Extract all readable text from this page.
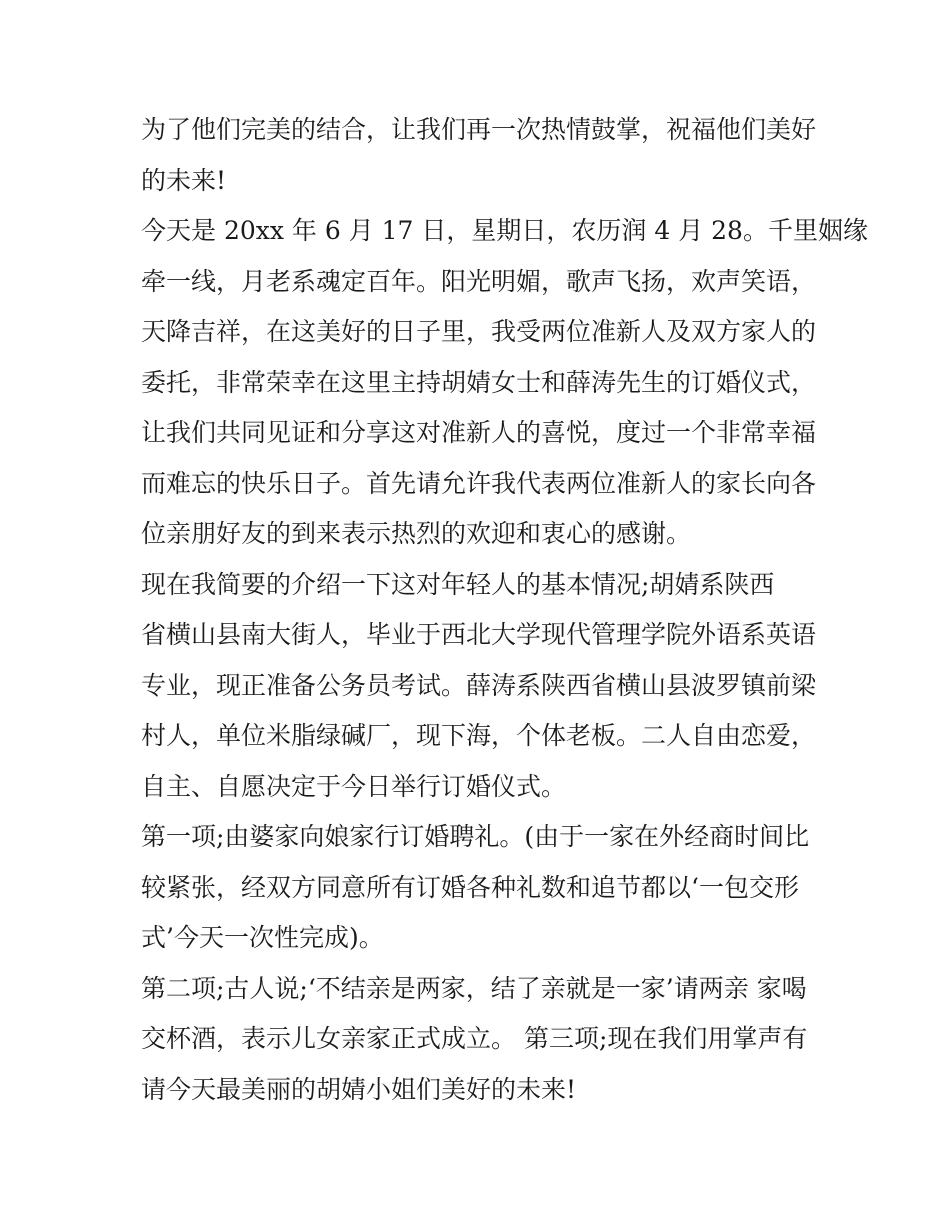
为了他们完美的结合，让我们再一次热情鼓掌，祝福他们美好
的未来!
今天是 20xx 年 6 月 17 日，星期日，农历润 4 月 28。千里姻缘
牵一线，月老系魂定百年。阳光明媚，歌声飞扬，欢声笑语，
天降吉祥，在这美好的日子里，我受两位准新人及双方家人的
委托，非常荣幸在这里主持胡婧女士和薛涛先生的订婚仪式，
让我们共同见证和分享这对准新人的喜悦，度过一个非常幸福
而难忘的快乐日子。首先请允许我代表两位准新人的家长向各
位亲朋好友的到来表示热烈的欢迎和衷心的感谢。
现在我简要的介绍一下这对年轻人的基本情况;胡婧系陕西
省横山县南大街人，毕业于西北大学现代管理学院外语系英语
专业，现正准备公务员考试。薛涛系陕西省横山县波罗镇前梁
村人，单位米脂绿碱厂，现下海，个体老板。二人自由恋爱，
自主、自愿决定于今日举行订婚仪式。
第一项;由婆家向娘家行订婚聘礼。(由于一家在外经商时间比
较紧张，经双方同意所有订婚各种礼数和追节都以‘一包交形
式’今天一次性完成)。
第二项;古人说;‘不结亲是两家，结了亲就是一家’请两亲 家喝
交杯酒，表示儿女亲家正式成立。 第三项;现在我们用掌声有
请今天最美丽的胡婧小姐们美好的未来!
